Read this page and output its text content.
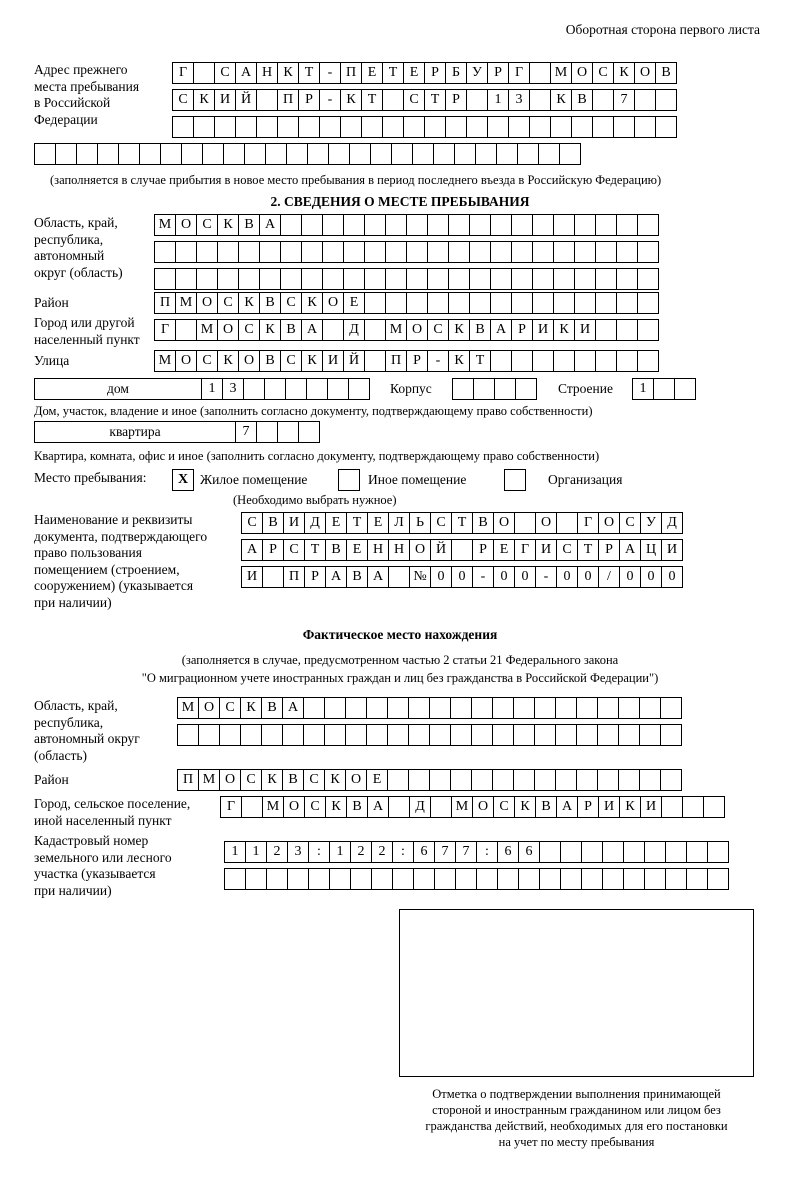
Оборотная сторона первого листа
Адрес прежнего
места пребывания
в Российской
Федерации
Г	С А Н К Т	- П Е Т Е Р Б У Р Г	М О С К О В
С К И Й	П Р	-	К Т	С Т Р	1	3	К В	7
(заполняется в случае прибытия в новое место пребывания в период последнего въезда в Российскую Федерацию)
2. СВЕДЕНИЯ О МЕСТЕ ПРЕБЫВАНИЯ
Область, край,
республика,
автономный
округ (область)
М О С К В А
Район	П М О С К В С К О Е
Город или другой
населенный пункт
Г	М О С К В А	Д	М О С К В А Р И К И
Улица	М О С К О В С К И Й	П Р	-	К Т
дом	1	3	Корпус	Строение	1
Дом, участок, владение и иное (заполнить согласно документу, подтверждающему право собственности)
квартира	7
Квартира, комната, офис и иное (заполнить согласно документу, подтверждающему право собственности)
Место пребывания:	X Жилое помещение	Иное помещение	Организация
(Необходимо выбрать нужное)
Наименование и реквизиты
документа, подтверждающего
право пользования
помещением (строением,
сооружением) (указывается
при наличии)
С В И Д Е Т Е Л Ь С Т В О	О	Г О С У Д
А Р С Т В Е Н Н О Й	Р Е Г И С Т Р А Ц И
И	П Р А В А	№ 0	0	-	0	0	-	0	0	/	0	0	0
Фактическое место нахождения
(заполняется в случае, предусмотренном частью 2 статьи 21 Федерального закона
"О миграционном учете иностранных граждан и лиц без гражданства в Российской Федерации")
Область, край,
республика,
автономный округ
(область)
М О С К В А
Район	П М О С К В С К О Е
Город, сельское поселение,
иной населенный пункт
Г	М О С К В А	Д	М О С К В А Р И К И
Кадастровый номер
земельного или лесного
участка (указывается
при наличии)
1	1	2	3	:	1	2	2	:	6	7	7	:	6	6
Отметка о подтверждении выполнения принимающей
стороной и иностранным гражданином или лицом без
гражданства действий, необходимых для его постановки
на учет по месту пребывания
